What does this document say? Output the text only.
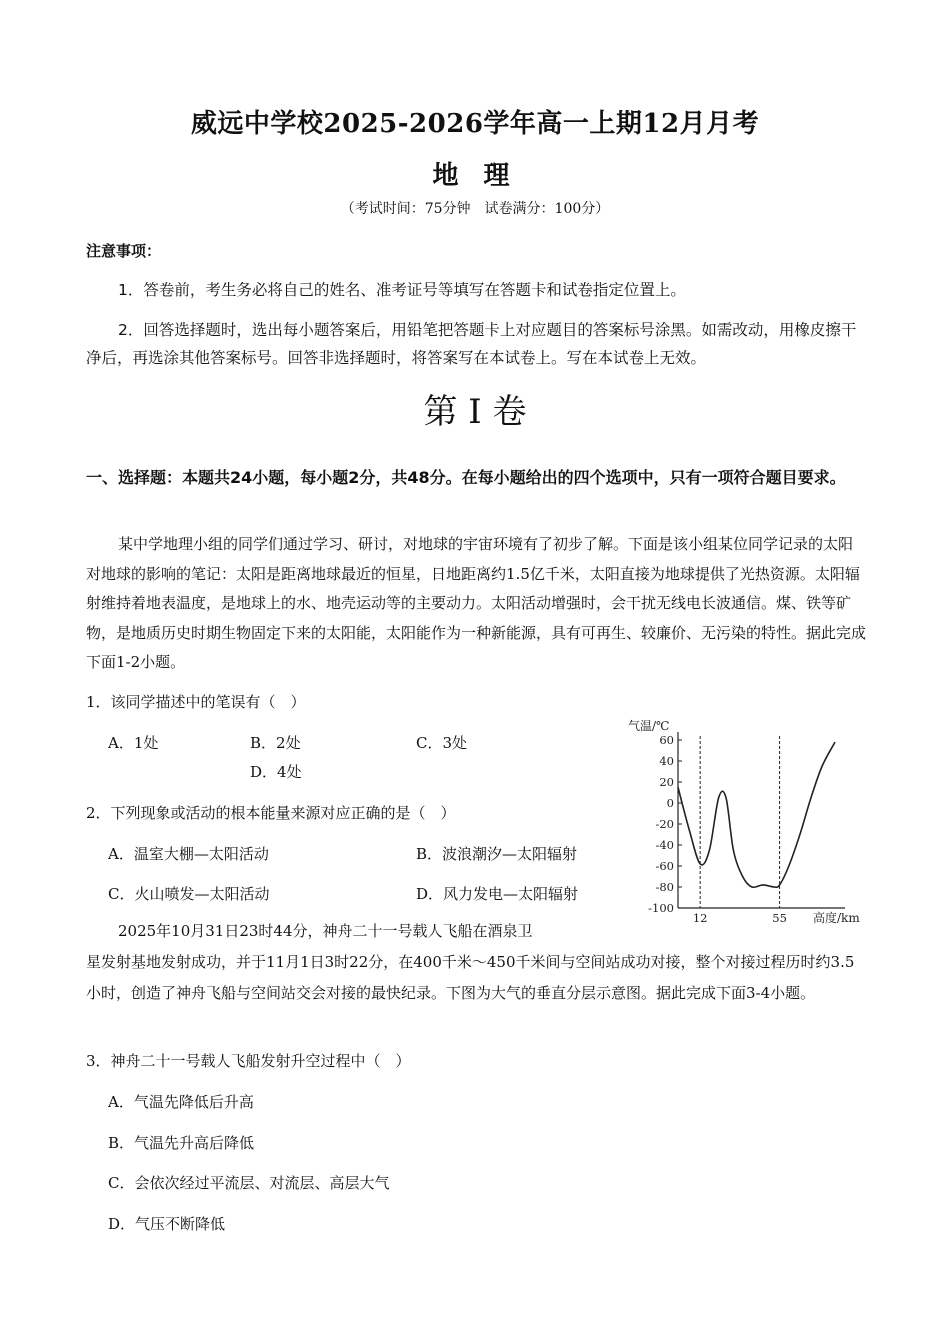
威远中学校2025-2026学年高一上期12月月考
地 理
（考试时间：75分钟　试卷满分：100分）
注意事项：
1．答卷前，考生务必将自己的姓名、准考证号等填写在答题卡和试卷指定位置上。
2．回答选择题时，选出每小题答案后，用铅笔把答题卡上对应题目的答案标号涂黑。如需改动，用橡皮擦干净后，再选涂其他答案标号。回答非选择题时，将答案写在本试卷上。写在本试卷上无效。
第 I 卷
一、选择题：本题共24小题，每小题2分，共48分。在每小题给出的四个选项中，只有一项符合题目要求。
某中学地理小组的同学们通过学习、研讨，对地球的宇宙环境有了初步了解。下面是该小组某位同学记录的太阳对地球的影响的笔记：太阳是距离地球最近的恒星，日地距离约1.5亿千米，太阳直接为地球提供了光热资源。太阳辐射维持着地表温度，是地球上的水、地壳运动等的主要动力。太阳活动增强时，会干扰无线电长波通信。煤、铁等矿物，是地质历史时期生物固定下来的太阳能，太阳能作为一种新能源，具有可再生、较廉价、无污染的特性。据此完成下面1-2小题。
1．该同学描述中的笔误有（　）
A．1处	B．2处	C．3处
D．4处
2．下列现象或活动的根本能量来源对应正确的是（　）
A．温室大棚—太阳活动	B．波浪潮汐—太阳辐射
C．火山喷发—太阳活动	D．风力发电—太阳辐射
2025年10月31日23时44分，神舟二十一号载人飞船在酒泉卫
星发射基地发射成功，并于11月1日3时22分，在400千米～450千米间与空间站成功对接，整个对接过程历时约3.5小时，创造了神舟飞船与空间站交会对接的最快纪录。下图为大气的垂直分层示意图。据此完成下面3-4小题。
3．神舟二十一号载人飞船发射升空过程中（　）
A．气温先降低后升高
B．气温先升高后降低
C．会依次经过平流层、对流层、高层大气
D．气压不断降低
气温/℃
高度/km
60
40
20
0
-20
-40
-60
-80
-100
12	55
